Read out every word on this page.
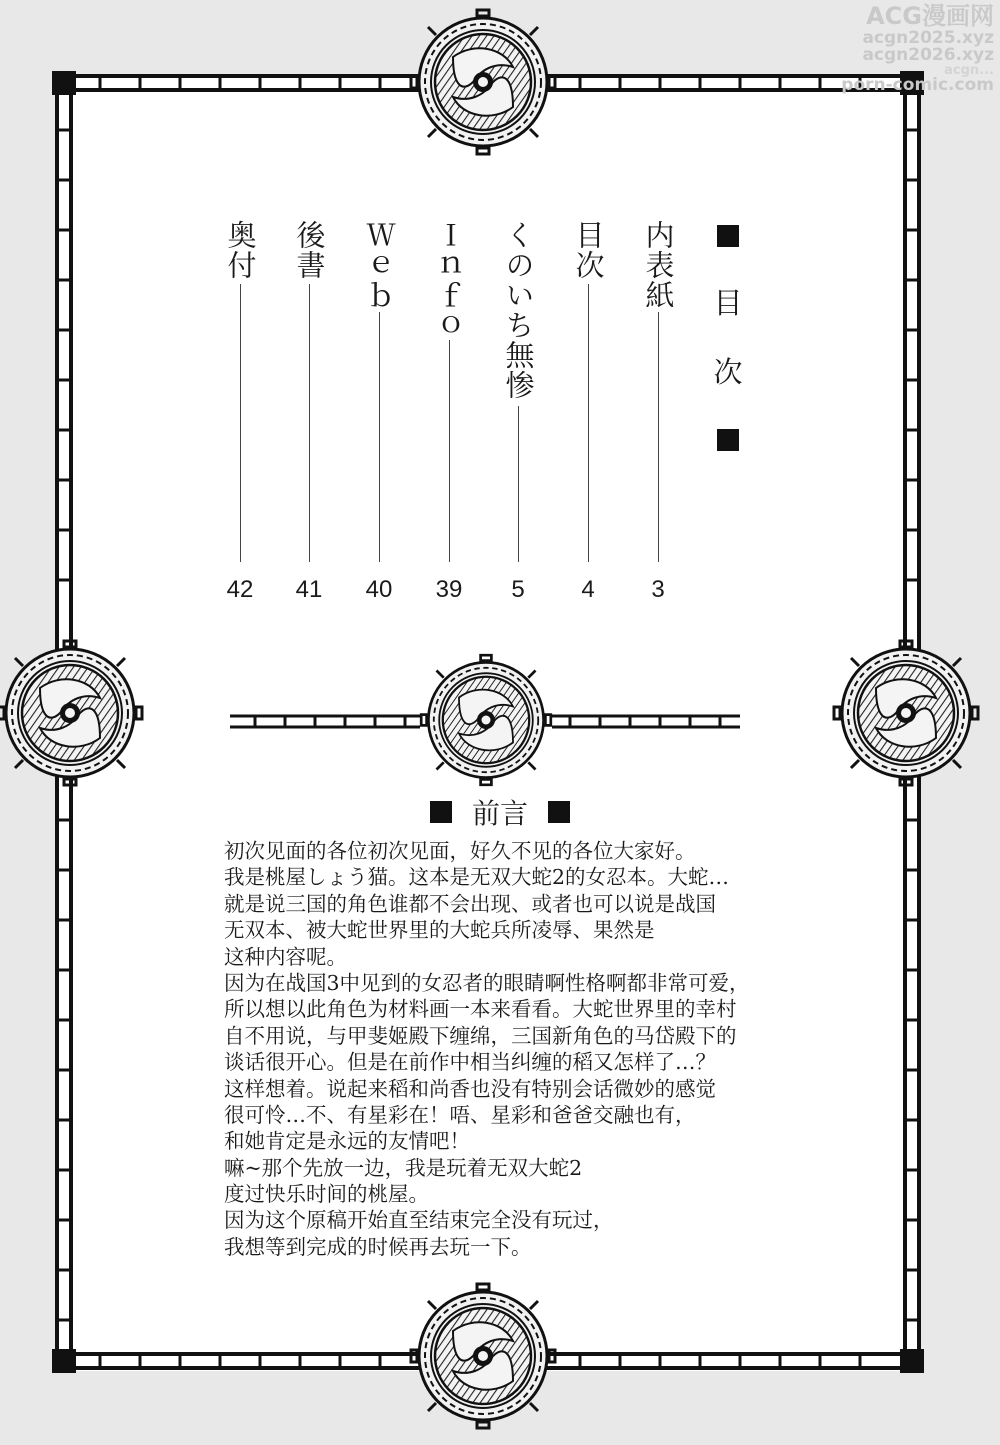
ACG漫画网
acgn2025.xyz
acgn2026.xyz
acgn...
porn-comic.com
目
次
内表紙
3
目次
4
くのいち無惨
5
Ｉｎｆｏ
39
Ｗｅｂ
40
後書
41
奥付
42
前言
初次见面的各位初次见面，好久不见的各位大家好。
我是桃屋しょう猫。这本是无双大蛇2的女忍本。大蛇…
就是说三国的角色谁都不会出现、或者也可以说是战国
无双本、被大蛇世界里的大蛇兵所凌辱、果然是
这种内容呢。
因为在战国3中见到的女忍者的眼睛啊性格啊都非常可爱，
所以想以此角色为材料画一本来看看。大蛇世界里的幸村
自不用说，与甲斐姬殿下缠绵，三国新角色的马岱殿下的
谈话很开心。但是在前作中相当纠缠的稻又怎样了…？
这样想着。说起来稻和尚香也没有特别会话微妙的感觉
很可怜…不、有星彩在！唔、星彩和爸爸交融也有，
和她肯定是永远的友情吧！
嘛~那个先放一边，我是玩着无双大蛇2
度过快乐时间的桃屋。
因为这个原稿开始直至结束完全没有玩过，
我想等到完成的时候再去玩一下。
